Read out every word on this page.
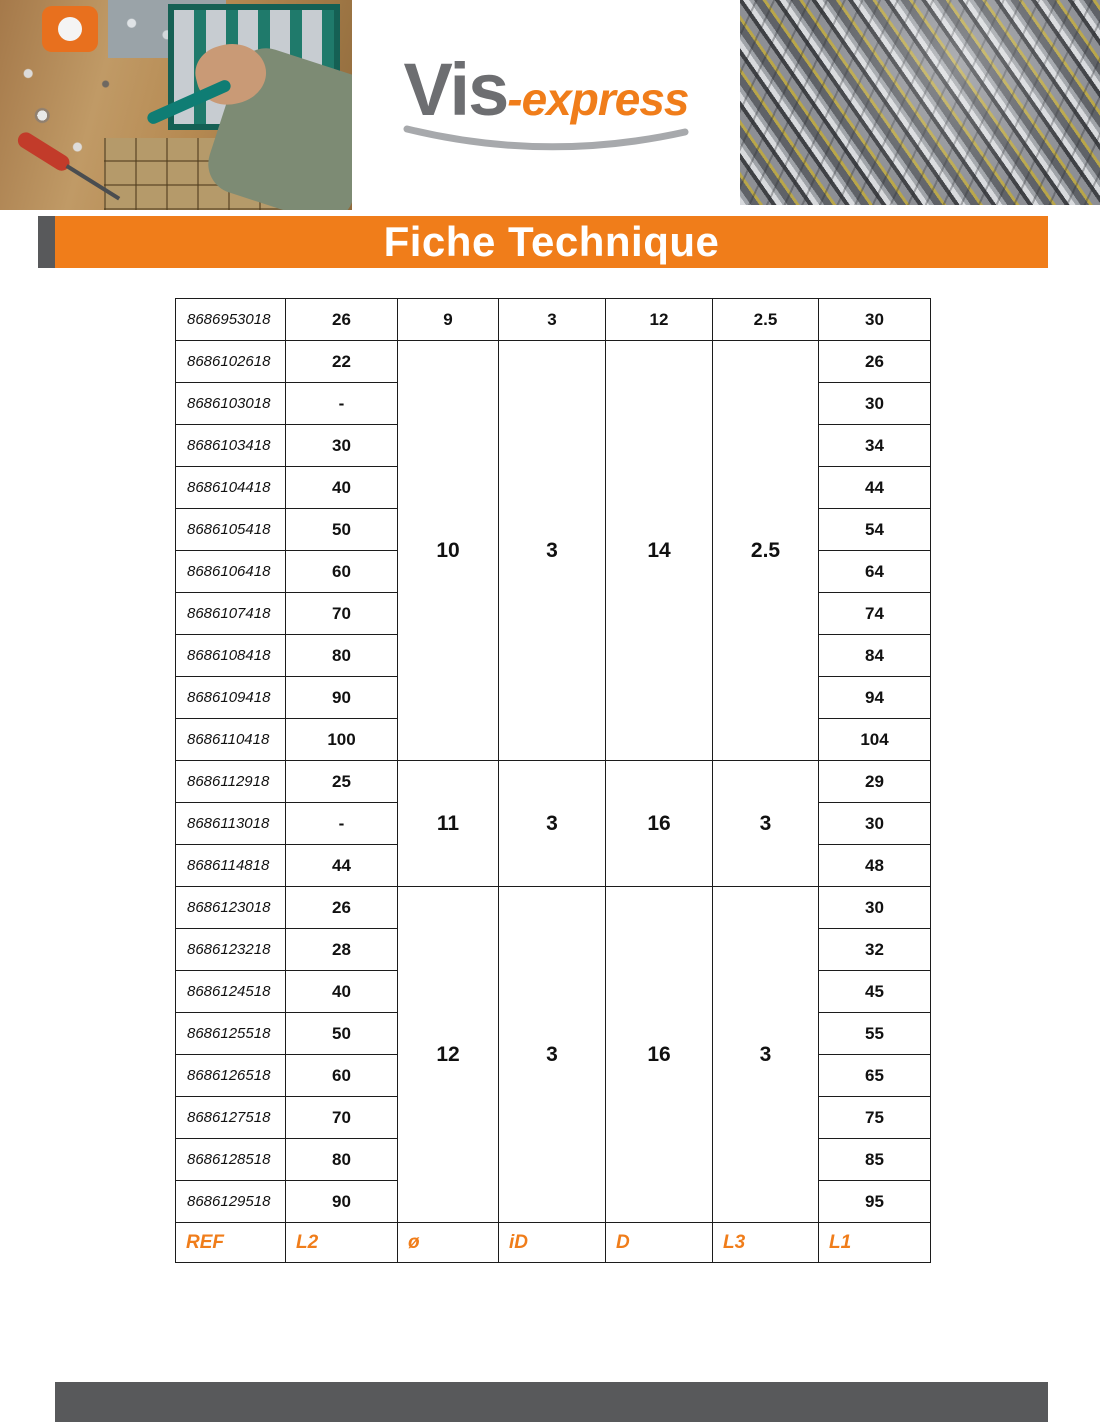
Vis-express
Fiche Technique
8686953018	26	9	3	12	2.5	30
8686102618	22	10	3	14	2.5	26
8686103018	-					30
8686103418	30					34
8686104418	40					44
8686105418	50					54
8686106418	60					64
8686107418	70					74
8686108418	80					84
8686109418	90					94
8686110418	100					104
8686112918	25	11	3	16	3	29
8686113018	-					30
8686114818	44					48
8686123018	26	12	3	16	3	30
8686123218	28					32
8686124518	40					45
8686125518	50					55
8686126518	60					65
8686127518	70					75
8686128518	80					85
8686129518	90					95
REF	L2	ø	iD	D	L3	L1
